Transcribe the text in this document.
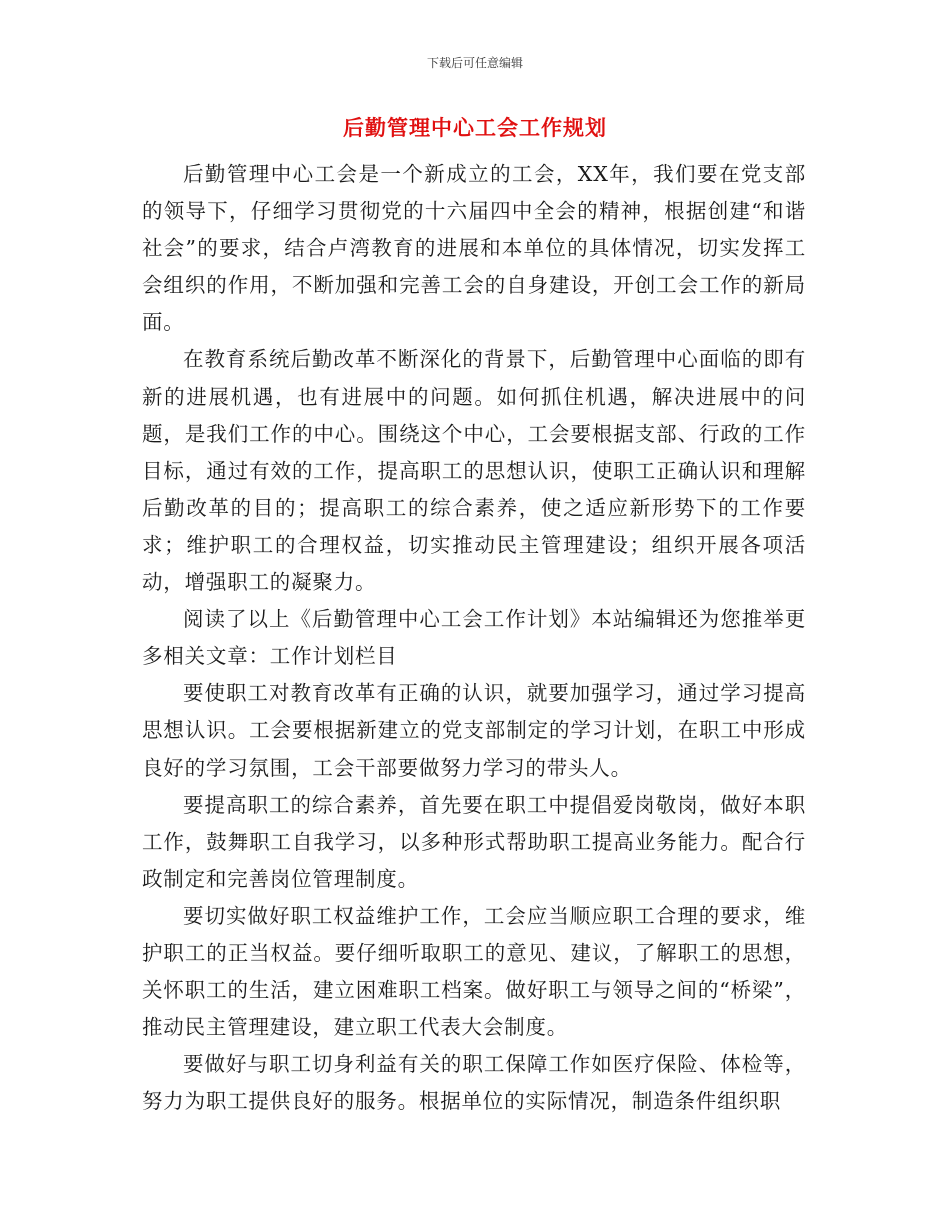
下载后可任意编辑
后勤管理中心工会工作规划

后勤管理中心工会是一个新成立的工会，XX年，我们要在党支部的领导下，仔细学习贯彻党的十六届四中全会的精神，根据创建“和谐社会”的要求，结合卢湾教育的进展和本单位的具体情况，切实发挥工会组织的作用，不断加强和完善工会的自身建设，开创工会工作的新局面。

在教育系统后勤改革不断深化的背景下，后勤管理中心面临的即有新的进展机遇，也有进展中的问题。如何抓住机遇，解决进展中的问题，是我们工作的中心。围绕这个中心，工会要根据支部、行政的工作目标，通过有效的工作，提高职工的思想认识，使职工正确认识和理解后勤改革的目的；提高职工的综合素养，使之适应新形势下的工作要求；维护职工的合理权益，切实推动民主管理建设；组织开展各项活动，增强职工的凝聚力。

阅读了以上《后勤管理中心工会工作计划》本站编辑还为您推举更多相关文章：工作计划栏目

要使职工对教育改革有正确的认识，就要加强学习，通过学习提高思想认识。工会要根据新建立的党支部制定的学习计划，在职工中形成良好的学习氛围，工会干部要做努力学习的带头人。

要提高职工的综合素养，首先要在职工中提倡爱岗敬岗，做好本职工作，鼓舞职工自我学习，以多种形式帮助职工提高业务能力。配合行政制定和完善岗位管理制度。

要切实做好职工权益维护工作，工会应当顺应职工合理的要求，维护职工的正当权益。要仔细听取职工的意见、建议，了解职工的思想，关怀职工的生活，建立困难职工档案。做好职工与领导之间的“桥梁”，推动民主管理建设，建立职工代表大会制度。

要做好与职工切身利益有关的职工保障工作如医疗保险、体检等，努力为职工提供良好的服务。根据单位的实际情况，制造条件组织职
